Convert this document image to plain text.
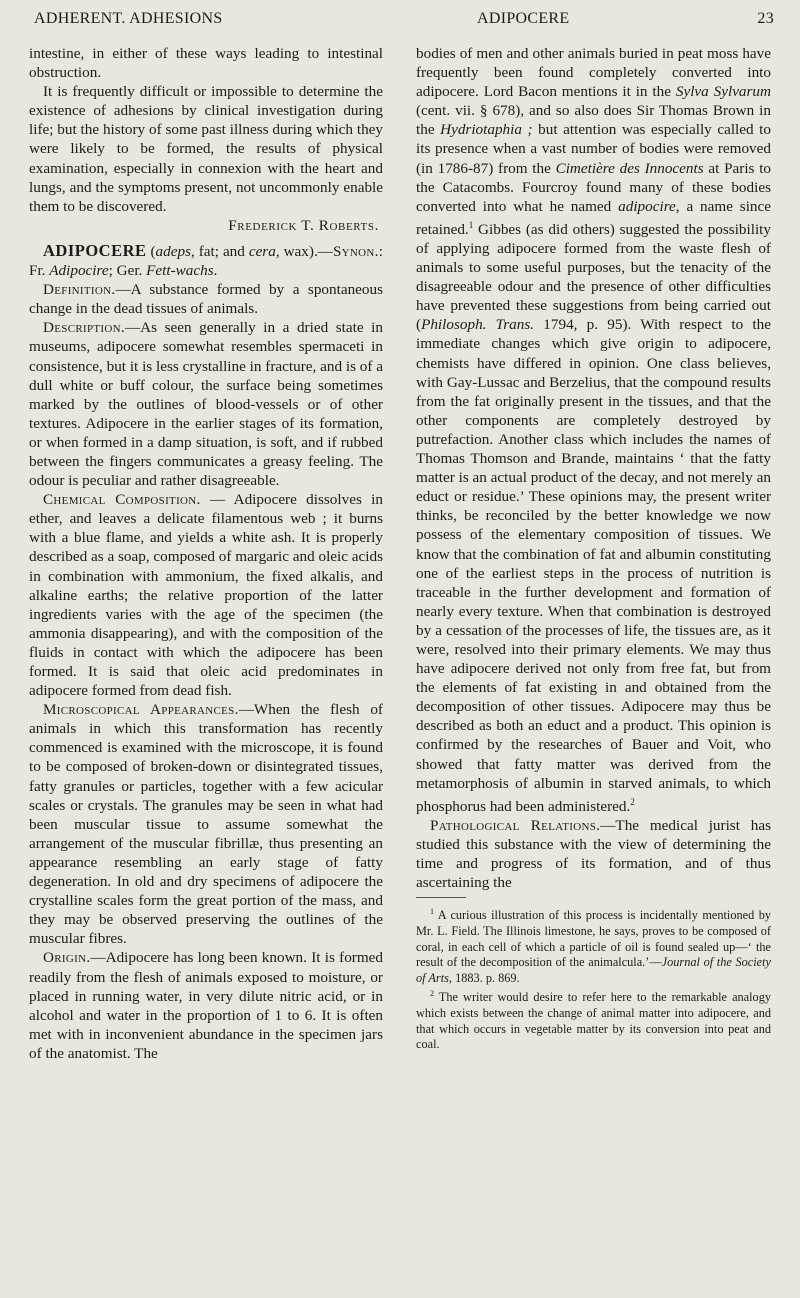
ADHERENT. ADHESIONS	ADIPOCERE	23

intestine, in either of these ways leading to intestinal obstruction.

It is frequently difficult or impossible to determine the existence of adhesions by clinical investigation during life; but the history of some past illness during which they were likely to be formed, the results of physical examination, especially in connexion with the heart and lungs, and the symptoms present, not uncommonly enable them to be discovered.

Frederick T. Roberts.

ADIPOCERE (adeps, fat; and cera, wax).—Synon.: Fr. Adipocire; Ger. Fett-wachs.

Definition.—A substance formed by a spontaneous change in the dead tissues of animals.

Description.—As seen generally in a dried state in museums, adipocere somewhat resembles spermaceti in consistence, but it is less crystalline in fracture, and is of a dull white or buff colour, the surface being sometimes marked by the outlines of blood-vessels or of other textures. Adipocere in the earlier stages of its formation, or when formed in a damp situation, is soft, and if rubbed between the fingers communicates a greasy feeling. The odour is peculiar and rather disagreeable.

Chemical Composition. — Adipocere dissolves in ether, and leaves a delicate filamentous web ; it burns with a blue flame, and yields a white ash. It is properly described as a soap, composed of margaric and oleic acids in combination with ammonium, the fixed alkalis, and alkaline earths; the relative proportion of the latter ingredients varies with the age of the specimen (the ammonia disappearing), and with the composition of the fluids in contact with which the adipocere has been formed. It is said that oleic acid predominates in adipocere formed from dead fish.

Microscopical Appearances.—When the flesh of animals in which this transformation has recently commenced is examined with the microscope, it is found to be composed of broken-down or disintegrated tissues, fatty granules or particles, together with a few acicular scales or crystals. The granules may be seen in what had been muscular tissue to assume somewhat the arrangement of the muscular fibrillæ, thus presenting an appearance resembling an early stage of fatty degeneration. In old and dry specimens of adipocere the crystalline scales form the great portion of the mass, and they may be observed preserving the outlines of the muscular fibres.

Origin.—Adipocere has long been known. It is formed readily from the flesh of animals exposed to moisture, or placed in running water, in very dilute nitric acid, or in alcohol and water in the proportion of 1 to 6. It is often met with in inconvenient abundance in the specimen jars of the anatomist. The

bodies of men and other animals buried in peat moss have frequently been found completely converted into adipocere. Lord Bacon mentions it in the Sylva Sylvarum (cent. vii. § 678), and so also does Sir Thomas Brown in the Hydriotaphia ; but attention was especially called to its presence when a vast number of bodies were removed (in 1786-87) from the Cimetière des Innocents at Paris to the Catacombs. Fourcroy found many of these bodies converted into what he named adipocire, a name since retained.$^1$ Gibbes (as did others) suggested the possibility of applying adipocere formed from the waste flesh of animals to some useful purposes, but the tenacity of the disagreeable odour and the presence of other difficulties have prevented these suggestions from being carried out (Philosoph. Trans. 1794, p. 95). With respect to the immediate changes which give origin to adipocere, chemists have differed in opinion. One class believes, with Gay-Lussac and Berzelius, that the compound results from the fat originally present in the tissues, and that the other components are completely destroyed by putrefaction. Another class which includes the names of Thomas Thomson and Brande, maintains ‘ that the fatty matter is an actual product of the decay, and not merely an educt or residue.’ These opinions may, the present writer thinks, be reconciled by the better knowledge we now possess of the elementary composition of tissues. We know that the combination of fat and albumin constituting one of the earliest steps in the process of nutrition is traceable in the further development and formation of nearly every texture. When that combination is destroyed by a cessation of the processes of life, the tissues are, as it were, resolved into their primary elements. We may thus have adipocere derived not only from free fat, but from the elements of fat existing in and obtained from the decomposition of other tissues. Adipocere may thus be described as both an educt and a product. This opinion is confirmed by the researches of Bauer and Voit, who showed that fatty matter was derived from the metamorphosis of albumin in starved animals, to which phosphorus had been administered.$^2$

Pathological Relations.—The medical jurist has studied this substance with the view of determining the time and progress of its formation, and of thus ascertaining the

$^1$ A curious illustration of this process is incidentally mentioned by Mr. L. Field. The Illinois limestone, he says, proves to be composed of coral, in each cell of which a particle of oil is found sealed up—‘ the result of the decomposition of the animalcula.’—Journal of the Society of Arts, 1883. p. 869.

$^2$ The writer would desire to refer here to the remarkable analogy which exists between the change of animal matter into adipocere, and that which occurs in vegetable matter by its conversion into peat and coal.
